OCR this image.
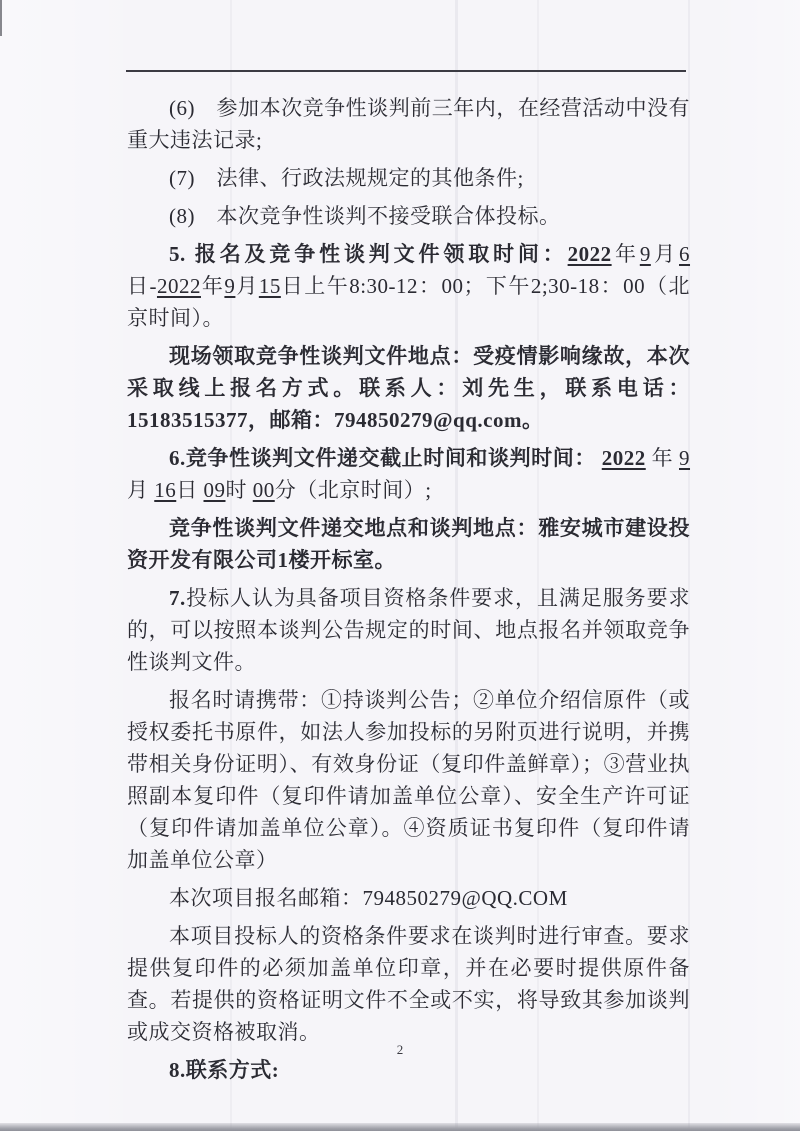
(6)　参加本次竞争性谈判前三年内，在经营活动中没有重大违法记录;

(7)　法律、行政法规规定的其他条件;

(8)　本次竞争性谈判不接受联合体投标。

5. 报名及竞争性谈判文件领取时间：2022年9月6日-2022年9月15日上午8:30-12：00；下午2;30-18：00（北京时间）。

现场领取竞争性谈判文件地点：受疫情影响缘故，本次采取线上报名方式。联系人：刘先生，联系电话：15183515377，邮箱：794850279@qq.com。

6.竞争性谈判文件递交截止时间和谈判时间： 2022 年 9月 16日 09时 00分（北京时间）;

竞争性谈判文件递交地点和谈判地点：雅安城市建设投资开发有限公司1楼开标室。

7.投标人认为具备项目资格条件要求，且满足服务要求的，可以按照本谈判公告规定的时间、地点报名并领取竞争性谈判文件。

报名时请携带：①持谈判公告；②单位介绍信原件（或授权委托书原件，如法人参加投标的另附页进行说明，并携带相关身份证明）、有效身份证（复印件盖鲜章）；③营业执照副本复印件（复印件请加盖单位公章）、安全生产许可证（复印件请加盖单位公章）。④资质证书复印件（复印件请加盖单位公章）

本次项目报名邮箱：794850279@QQ.COM

本项目投标人的资格条件要求在谈判时进行审查。要求提供复印件的必须加盖单位印章，并在必要时提供原件备查。若提供的资格证明文件不全或不实，将导致其参加谈判或成交资格被取消。

8.联系方式:

2
